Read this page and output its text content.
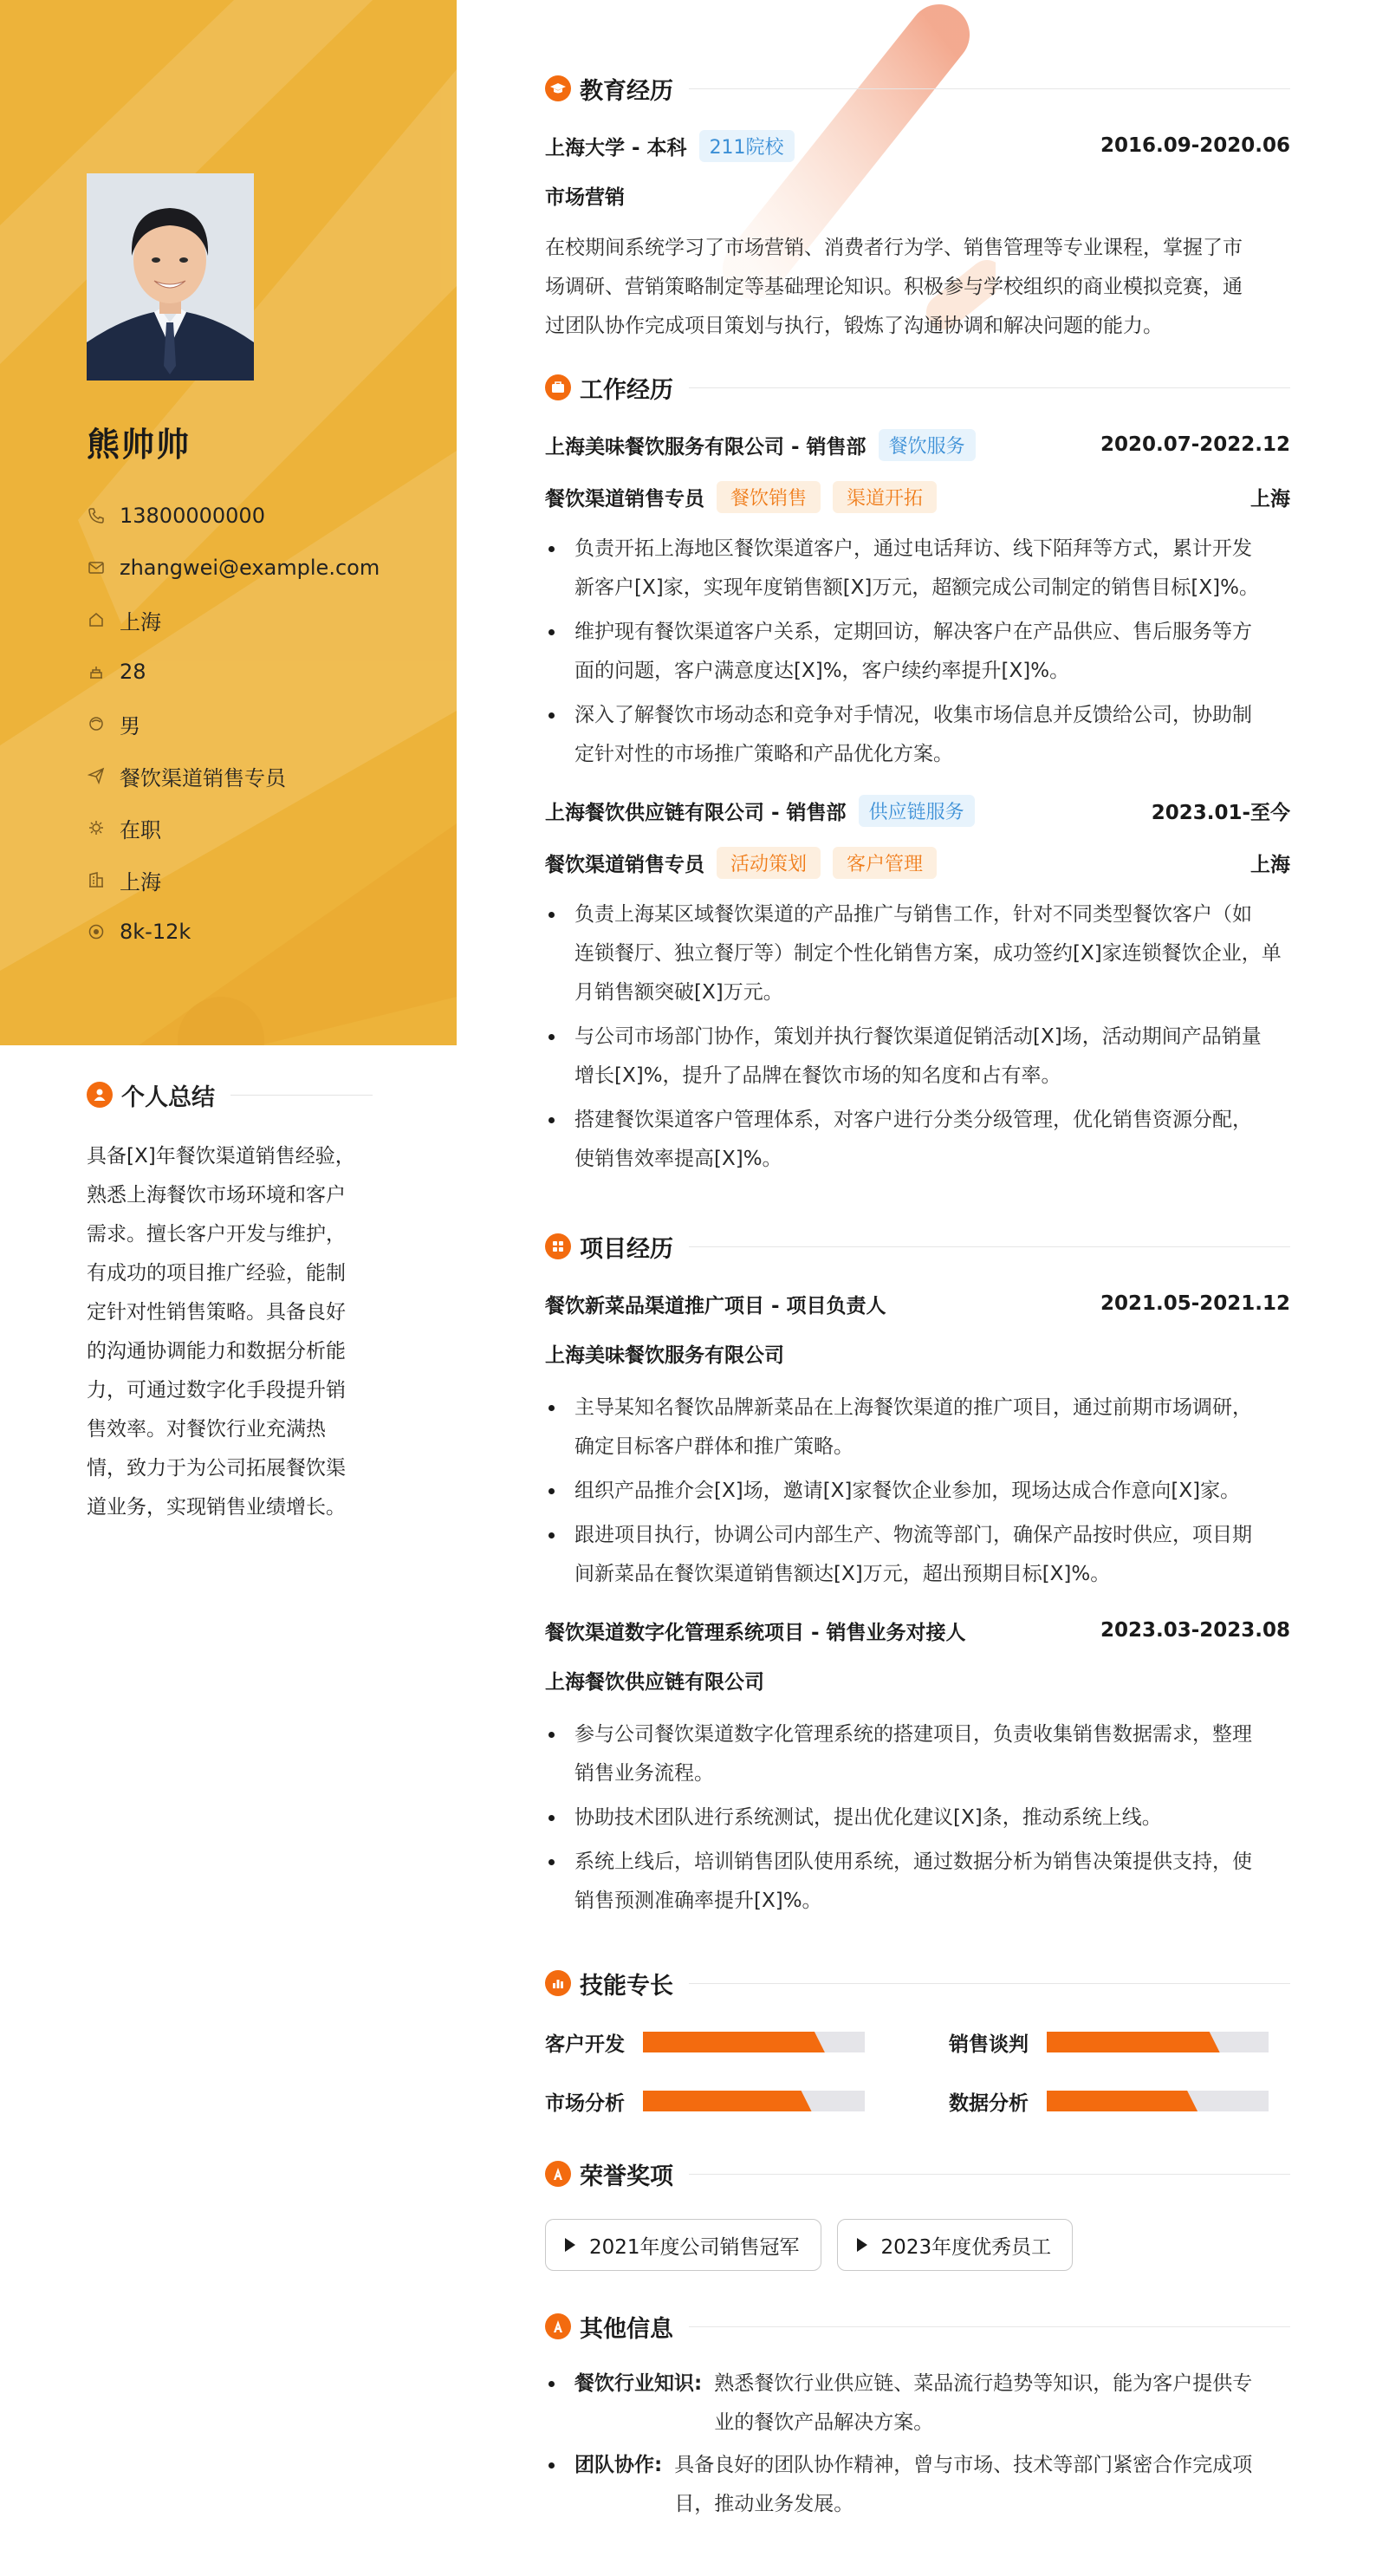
熊帅帅
13800000000
zhangwei@example.com
上海
28
男
餐饮渠道销售专员
在职
上海
8k-12k
个人总结
具备[X]年餐饮渠道销售经验，
熟悉上海餐饮市场环境和客户
需求。擅长客户开发与维护，
有成功的项目推广经验，能制
定针对性销售策略。具备良好
的沟通协调能力和数据分析能
力，可通过数字化手段提升销
售效率。对餐饮行业充满热
情，致力于为公司拓展餐饮渠
道业务，实现销售业绩增长。
教育经历
上海大学 - 本科	211院校	2016.09-2020.06
市场营销
在校期间系统学习了市场营销、消费者行为学、销售管理等专业课程，掌握了市
场调研、营销策略制定等基础理论知识。积极参与学校组织的商业模拟竞赛，通
过团队协作完成项目策划与执行，锻炼了沟通协调和解决问题的能力。
工作经历
上海美味餐饮服务有限公司 - 销售部	餐饮服务	2020.07-2022.12
餐饮渠道销售专员	餐饮销售	渠道开拓	上海
负责开拓上海地区餐饮渠道客户，通过电话拜访、线下陌拜等方式，累计开发
新客户[X]家，实现年度销售额[X]万元，超额完成公司制定的销售目标[X]%。
维护现有餐饮渠道客户关系，定期回访，解决客户在产品供应、售后服务等方
面的问题，客户满意度达[X]%，客户续约率提升[X]%。
深入了解餐饮市场动态和竞争对手情况，收集市场信息并反馈给公司，协助制
定针对性的市场推广策略和产品优化方案。
上海餐饮供应链有限公司 - 销售部	供应链服务	2023.01-至今
餐饮渠道销售专员	活动策划	客户管理	上海
负责上海某区域餐饮渠道的产品推广与销售工作，针对不同类型餐饮客户（如
连锁餐厅、独立餐厅等）制定个性化销售方案，成功签约[X]家连锁餐饮企业，单
月销售额突破[X]万元。
与公司市场部门协作，策划并执行餐饮渠道促销活动[X]场，活动期间产品销量
增长[X]%，提升了品牌在餐饮市场的知名度和占有率。
搭建餐饮渠道客户管理体系，对客户进行分类分级管理，优化销售资源分配，
使销售效率提高[X]%。
项目经历
餐饮新菜品渠道推广项目 - 项目负责人	2021.05-2021.12
上海美味餐饮服务有限公司
主导某知名餐饮品牌新菜品在上海餐饮渠道的推广项目，通过前期市场调研，
确定目标客户群体和推广策略。
组织产品推介会[X]场，邀请[X]家餐饮企业参加，现场达成合作意向[X]家。
跟进项目执行，协调公司内部生产、物流等部门，确保产品按时供应，项目期
间新菜品在餐饮渠道销售额达[X]万元，超出预期目标[X]%。
餐饮渠道数字化管理系统项目 - 销售业务对接人	2023.03-2023.08
上海餐饮供应链有限公司
参与公司餐饮渠道数字化管理系统的搭建项目，负责收集销售数据需求，整理
销售业务流程。
协助技术团队进行系统测试，提出优化建议[X]条，推动系统上线。
系统上线后，培训销售团队使用系统，通过数据分析为销售决策提供支持，使
销售预测准确率提升[X]%。
技能专长
客户开发	销售谈判
市场分析	数据分析
荣誉奖项
2021年度公司销售冠军	2023年度优秀员工
其他信息
餐饮行业知识: 熟悉餐饮行业供应链、菜品流行趋势等知识，能为客户提供专
业的餐饮产品解决方案。
团队协作: 具备良好的团队协作精神，曾与市场、技术等部门紧密合作完成项
目，推动业务发展。
